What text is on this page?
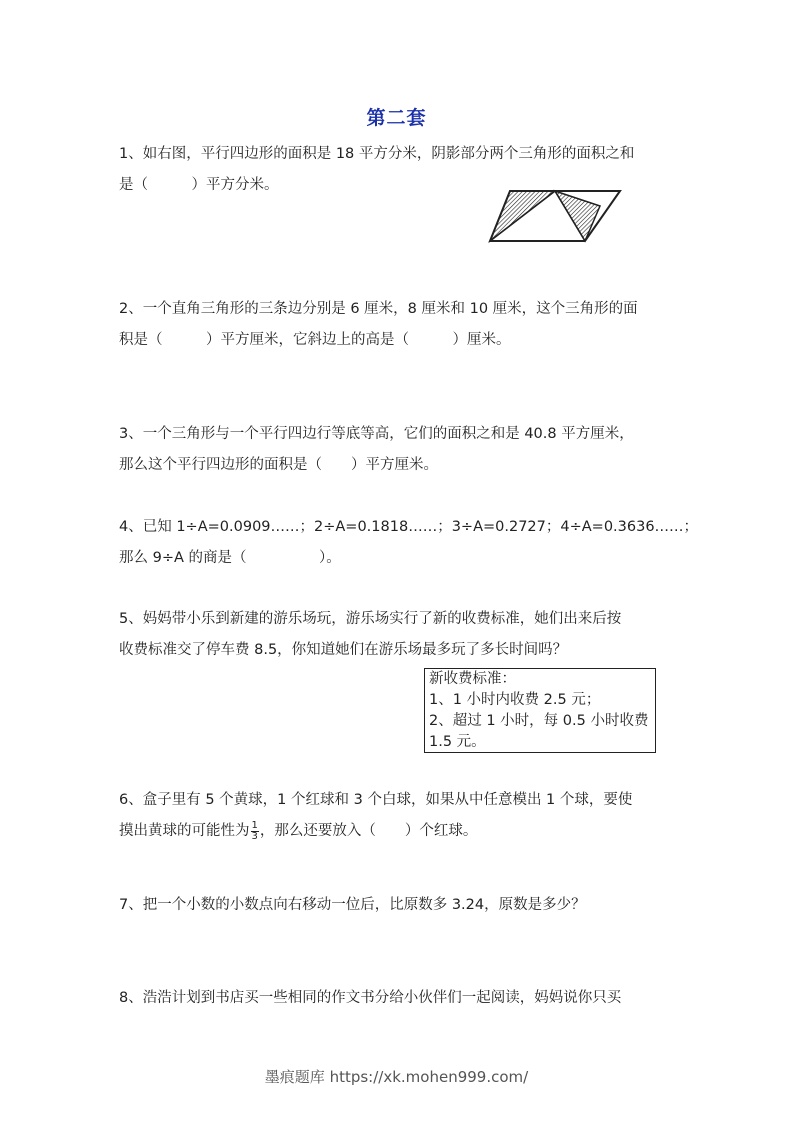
第二套
1、如右图，平行四边形的面积是 18 平方分米，阴影部分两个三角形的面积之和
是（　　　）平方分米。
2、一个直角三角形的三条边分别是 6 厘米，8 厘米和 10 厘米，这个三角形的面
积是（　　　）平方厘米，它斜边上的高是（　　　）厘米。
3、一个三角形与一个平行四边行等底等高，它们的面积之和是 40.8 平方厘米，
那么这个平行四边形的面积是（　　）平方厘米。
4、已知 1÷A=0.0909……；2÷A=0.1818……；3÷A=0.2727；4÷A=0.3636……；
那么 9÷A 的商是（　　　　　）。
5、妈妈带小乐到新建的游乐场玩，游乐场实行了新的收费标准，她们出来后按
收费标准交了停车费 8.5，你知道她们在游乐场最多玩了多长时间吗？
新收费标准：
1、1 小时内收费 2.5 元；
2、超过 1 小时，每 0.5 小时收费
1.5 元。
6、盒子里有 5 个黄球，1 个红球和 3 个白球，如果从中任意模出 1 个球，要使
摸出黄球的可能性为 $\frac{1}{3}$ ，那么还要放入（　　）个红球。
7、把一个小数的小数点向右移动一位后，比原数多 3.24，原数是多少？
8、浩浩计划到书店买一些相同的作文书分给小伙伴们一起阅读，妈妈说你只买
墨痕题库 https://xk.mohen999.com/
